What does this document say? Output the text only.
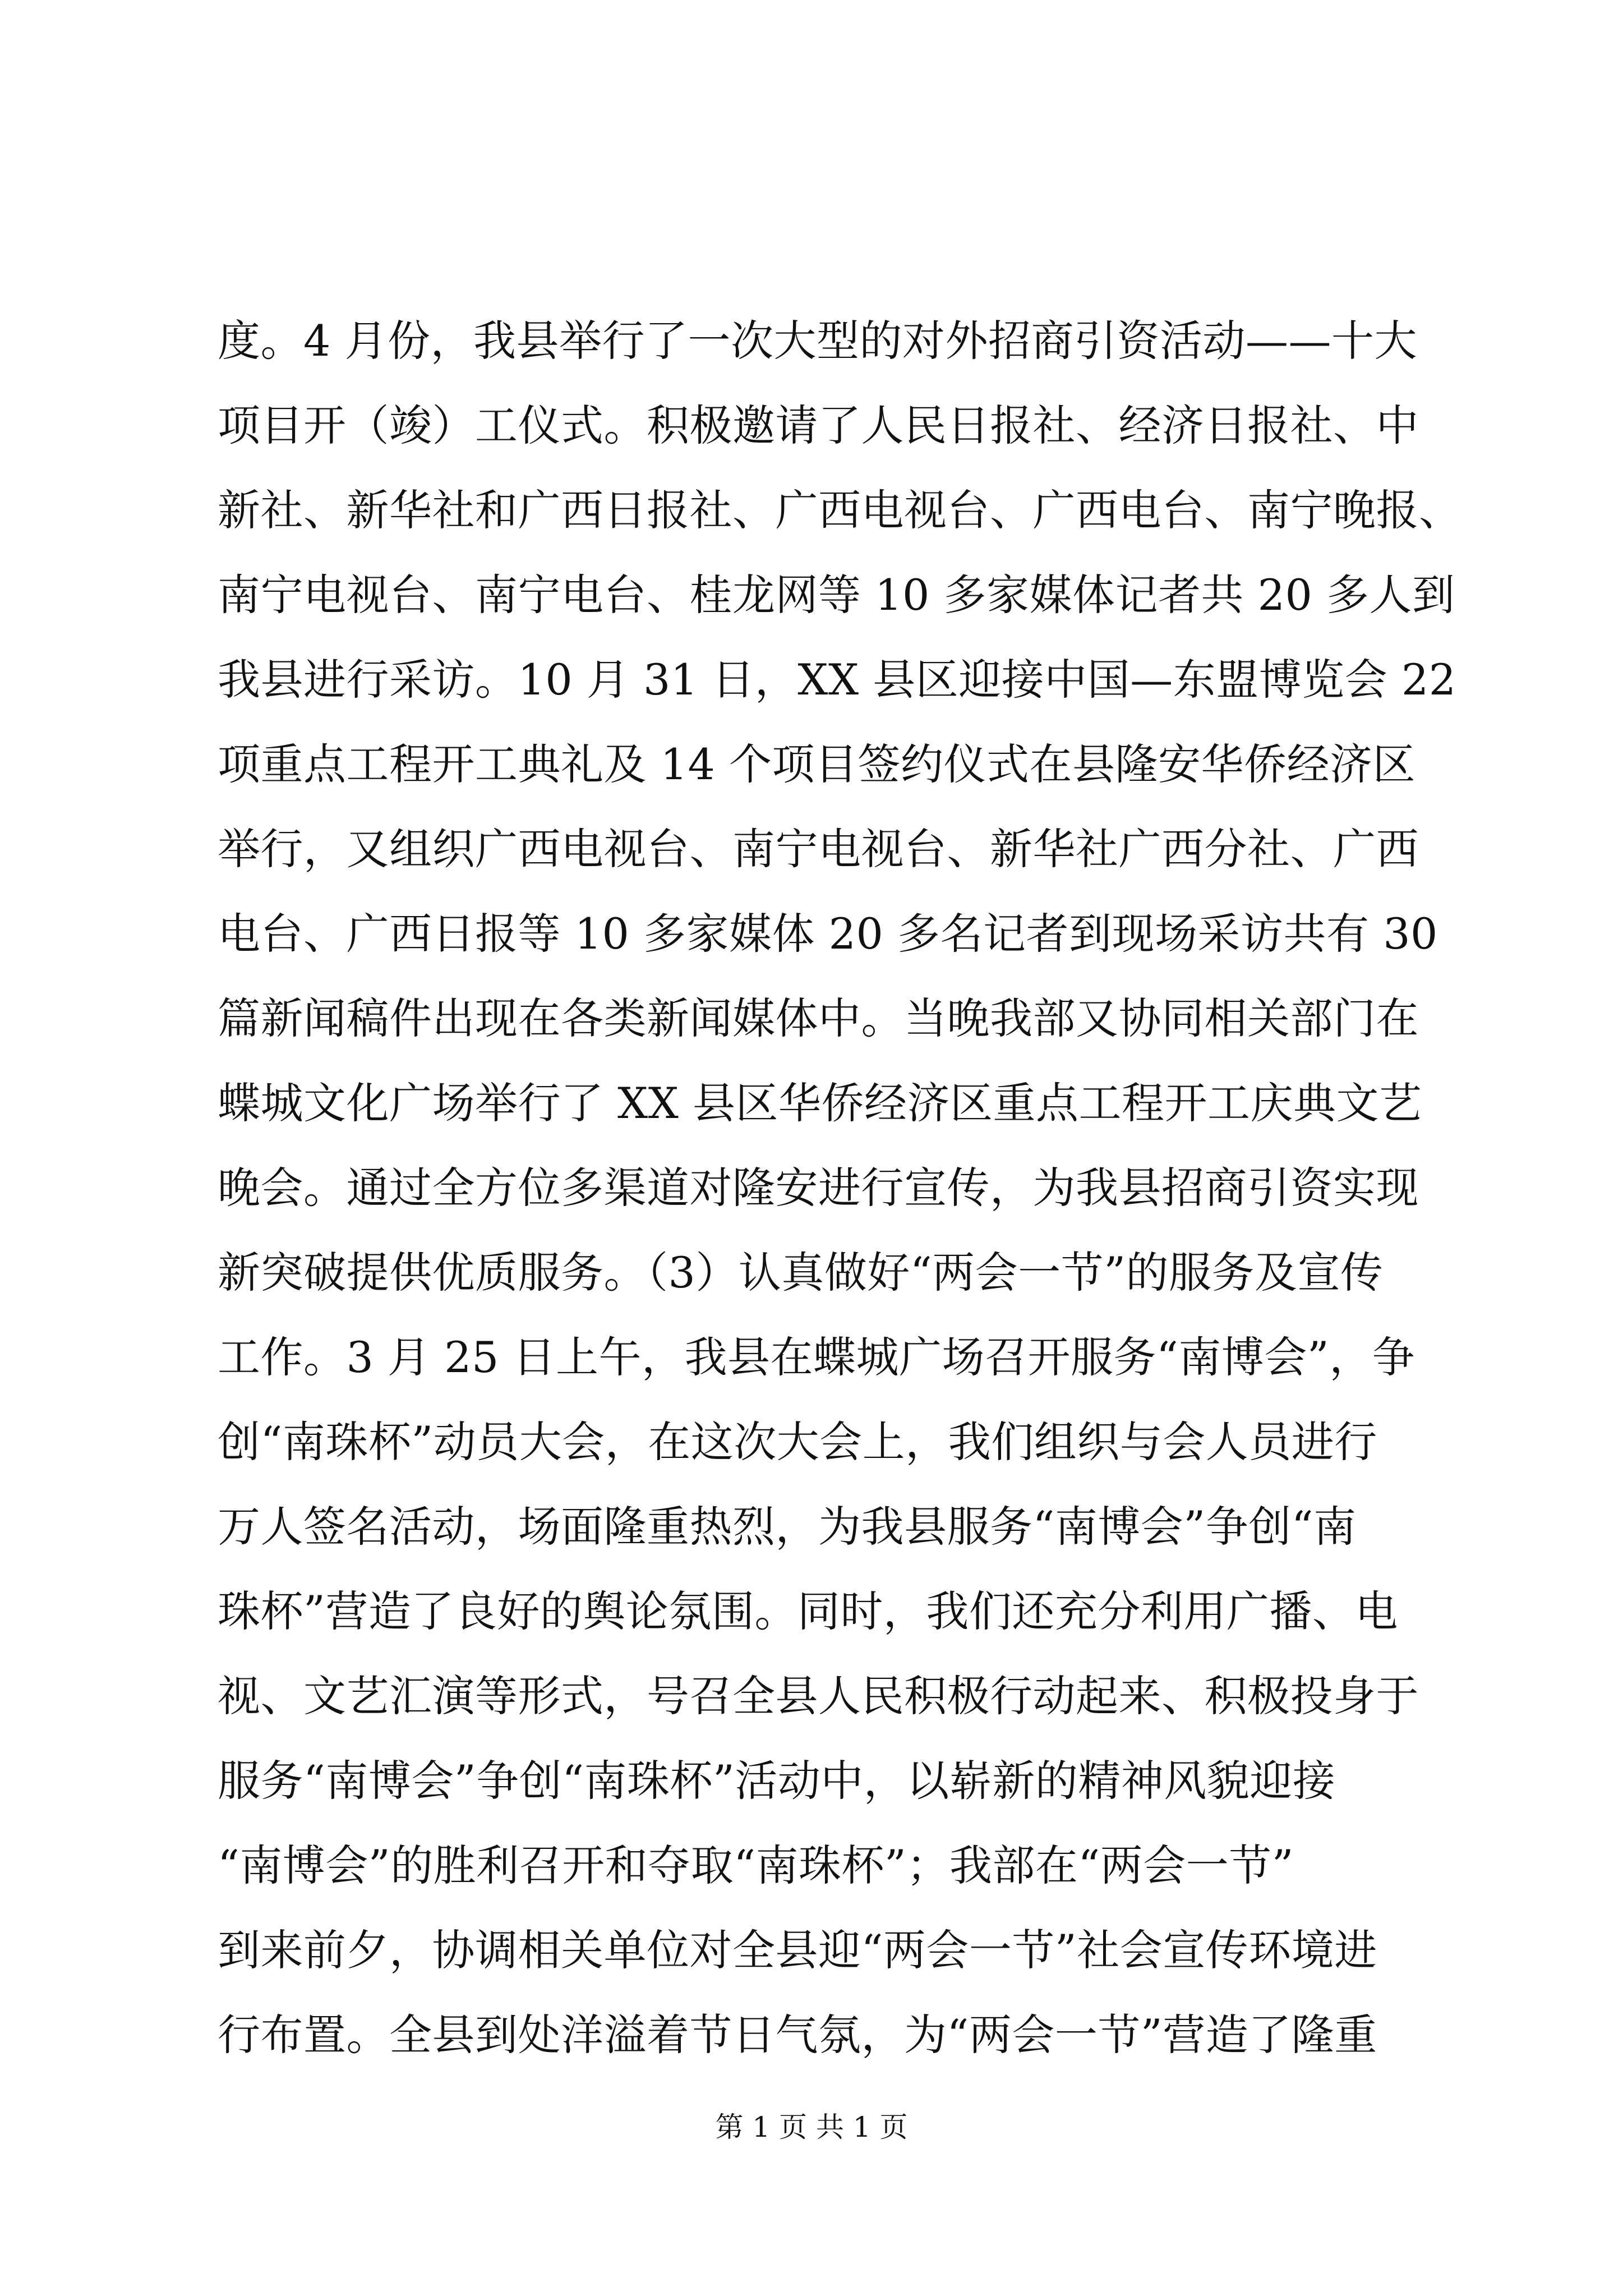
度。4 月份，我县举行了一次大型的对外招商引资活动——十大
项目开（竣）工仪式。积极邀请了人民日报社、经济日报社、中
新社、新华社和广西日报社、广西电视台、广西电台、南宁晚报、
南宁电视台、南宁电台、桂龙网等 10 多家媒体记者共 20 多人到
我县进行采访。10 月 31 日，XX 县区迎接中国—东盟博览会 22
项重点工程开工典礼及 14 个项目签约仪式在县隆安华侨经济区
举行，又组织广西电视台、南宁电视台、新华社广西分社、广西
电台、广西日报等 10 多家媒体 20 多名记者到现场采访共有 30
篇新闻稿件出现在各类新闻媒体中。当晚我部又协同相关部门在
蝶城文化广场举行了 XX 县区华侨经济区重点工程开工庆典文艺
晚会。通过全方位多渠道对隆安进行宣传，为我县招商引资实现
新突破提供优质服务。（3）认真做好“两会一节”的服务及宣传
工作。3 月 25 日上午，我县在蝶城广场召开服务“南博会”，争
创“南珠杯”动员大会，在这次大会上，我们组织与会人员进行
万人签名活动，场面隆重热烈，为我县服务“南博会”争创“南
珠杯”营造了良好的舆论氛围。同时，我们还充分利用广播、电
视、文艺汇演等形式，号召全县人民积极行动起来、积极投身于
服务“南博会”争创“南珠杯”活动中，以崭新的精神风貌迎接
“南博会”的胜利召开和夺取“南珠杯”；我部在“两会一节”
到来前夕，协调相关单位对全县迎“两会一节”社会宣传环境进
行布置。全县到处洋溢着节日气氛，为“两会一节”营造了隆重
第 1 页 共 1 页
